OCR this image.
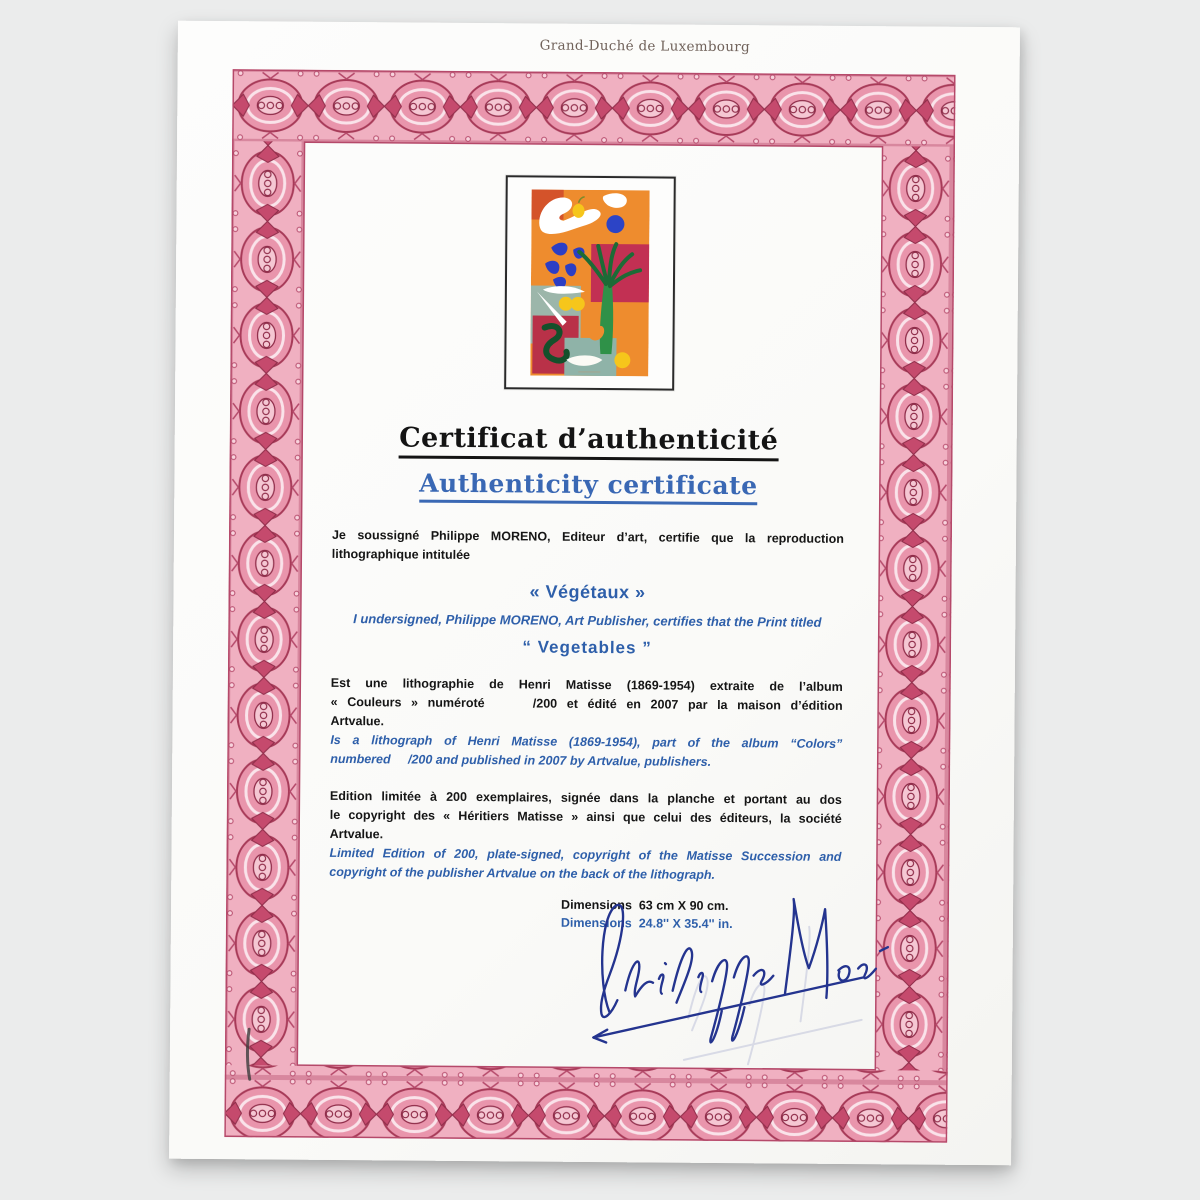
Grand-Duché de Luxembourg
Certificat d’authenticité
Authenticity certificate
Je soussigné Philippe MORENO, Editeur d’art, certifie que la reproduction
lithographique intitulée
« Végétaux »
I undersigned, Philippe MORENO, Art Publisher, certifies that the Print titled
“ Vegetables ”
Est une lithographie de Henri Matisse (1869-1954) extraite de l’album
« Couleurs » numéroté     /200 et édité en 2007 par la maison d’édition
Artvalue.
Is a lithograph of Henri Matisse (1869-1954), part of the album “Colors”
numbered     /200 and published in 2007 by Artvalue, publishers.
Edition limitée à 200 exemplaires, signée dans la planche et portant au dos
le copyright des « Héritiers Matisse » ainsi que celui des éditeurs, la société
Artvalue.
Limited Edition of 200, plate-signed, copyright of the Matisse Succession and
copyright of the publisher Artvalue on the back of the lithograph.
Dimensions  63 cm X 90 cm.
Dimensions  24.8'' X 35.4'' in.
